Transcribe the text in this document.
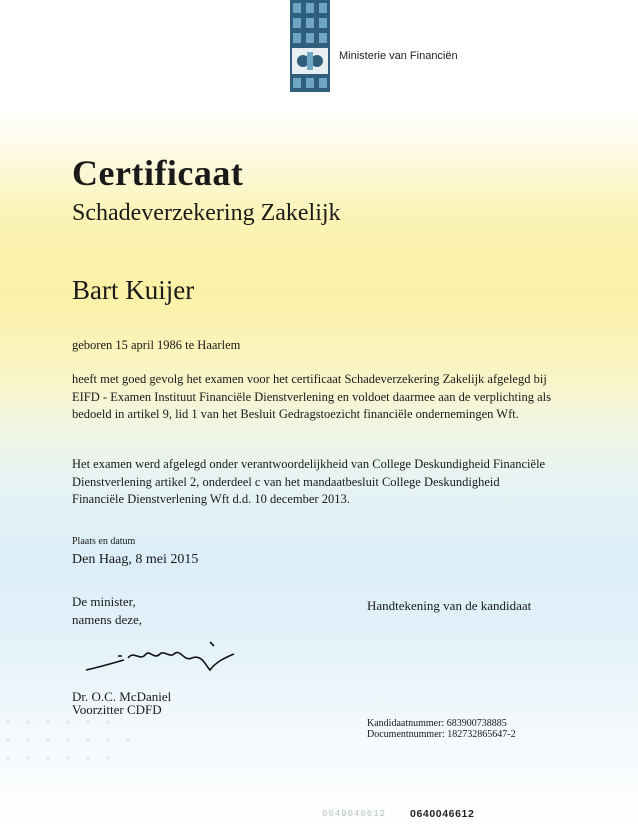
Ministerie van Financiën
Certificaat
Schadeverzekering Zakelijk
Bart Kuijer
geboren 15 april 1986 te Haarlem

heeft met goed gevolg het examen voor het certificaat Schadeverzekering Zakelijk afgelegd bij EIFD - Examen Instituut Financiële Dienstverlening en voldoet daarmee aan de verplichting als bedoeld in artikel 9, lid 1 van het Besluit Gedragstoezicht financiële ondernemingen Wft.

Het examen werd afgelegd onder verantwoordelijkheid van College Deskundigheid Financiële Dienstverlening artikel 2, onderdeel c van het mandaatbesluit College Deskundigheid Financiële Dienstverlening Wft d.d. 10 december 2013.

Plaats en datum
Den Haag, 8 mei 2015
De minister,
namens deze,
Handtekening van de kandidaat
Dr. O.C. McDaniel
Voorzitter CDFD
Kandidaatnummer: 683900738885
Documentnummer: 182732865647-2
0640046612 0640046612
